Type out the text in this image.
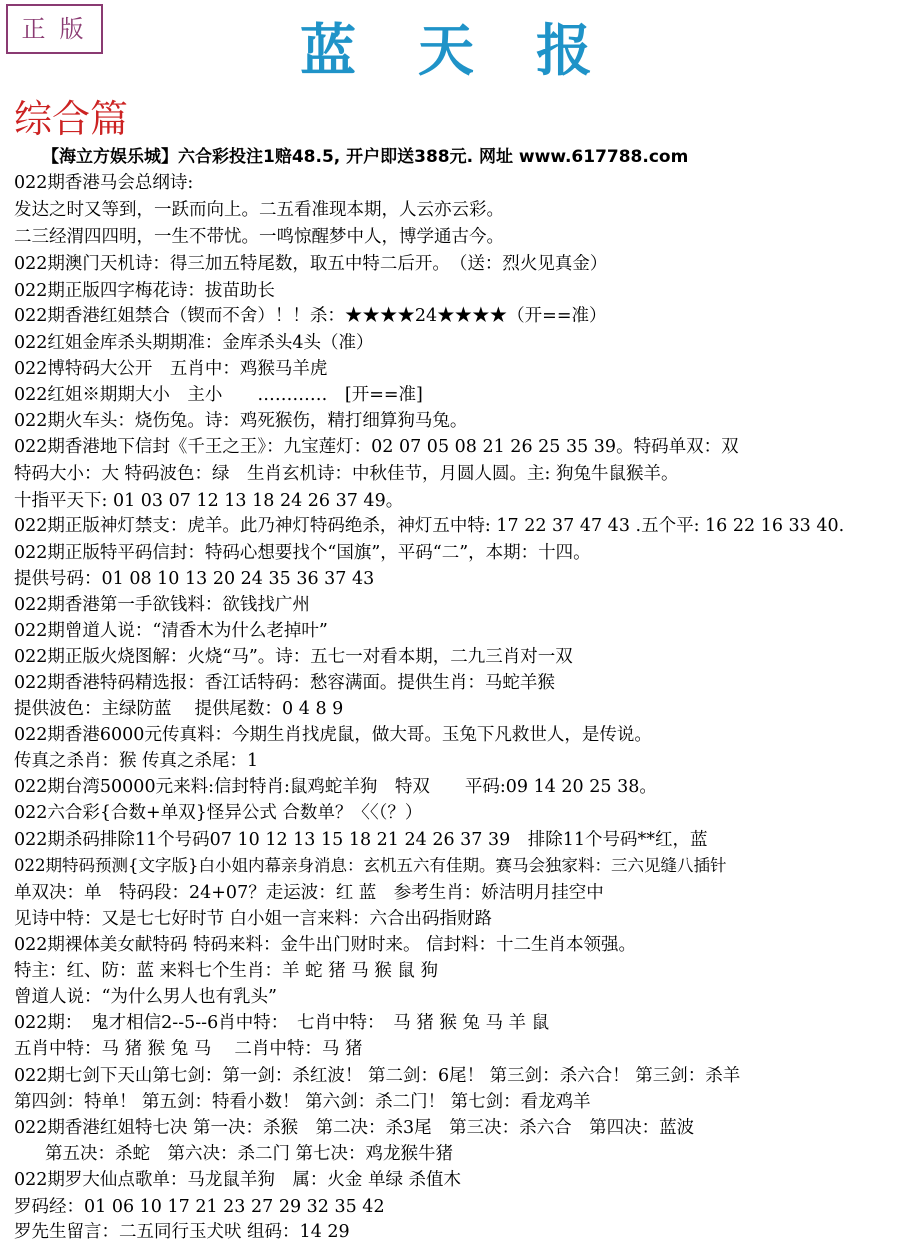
正版	蓝天报
综合篇
【海立方娱乐城】六合彩投注1赔48.5, 开户即送388元. 网址 www.617788.com
022期香港马会总纲诗:
发达之时又等到，一跃而向上。二五看准现本期，人云亦云彩。
二三经渭四四明，一生不带忧。一鸣惊醒梦中人，博学通古今。
022期澳门天机诗：得三加五特尾数，取五中特二后开。　（送：烈火见真金）
022期正版四字梅花诗：拔苗助长
022期香港红姐禁合（锲而不舍）！！杀：★★★★24★★★★（开==准）
022红姐金库杀头期期准：金库杀头4头（准）
022博特码大公开　五肖中：鸡猴马羊虎
022红姐※期期大小　主小　　…………　[开==准]
022期火车头：烧伤兔。诗：鸡死猴伤，精打细算狗马兔。
022期香港地下信封《千王之王》：九宝莲灯：02 07 05 08 21 26 25 35 39。特码单双：双
特码大小：大 特码波色：绿　生肖玄机诗：中秋佳节，月圆人圆。主: 狗兔牛鼠猴羊。
十指平天下: 01 03 07 12 13 18 24 26 37 49。
022期正版神灯禁支：虎羊。此乃神灯特码绝杀，神灯五中特: 17 22 37 47 43 .五个平: 16 22 16 33 40.
022期正版特平码信封：特码心想要找个“国旗”，平码“二”，本期：十四。
提供号码：01 08 10 13 20 24 35 36 37 43
022期香港第一手欲钱料：欲钱找广州
022期曾道人说：“清香木为什么老掉叶”
022期正版火烧图解：火烧“马”。诗：五七一对看本期，二九三肖对一双
022期香港特码精选报：香江话特码：愁容满面。提供生肖：马蛇羊猴
提供波色：主绿防蓝　 提供尾数：0 4 8 9
022期香港6000元传真料：今期生肖找虎鼠，做大哥。玉兔下凡救世人，是传说。
传真之杀肖：猴 传真之杀尾：1
022期台湾50000元来料:信封特肖:鼠鸡蛇羊狗　特双　　平码:09 14 20 25 38。
022六合彩{合数+单双}怪异公式 合数单？〈〈（？）
022期杀码排除11个号码07 10 12 13 15 18 21 24 26 37 39　排除11个号码**红，蓝
022期特码预测{文字版}白小姐内幕亲身消息：玄机五六有佳期。赛马会独家料：三六见缝八插针
单双决：单　特码段：24+07？走运波：红 蓝　参考生肖：娇洁明月挂空中
见诗中特：又是七七好时节 白小姐一言来料：六合出码指财路
022期裸体美女献特码 特码来料：金牛出门财时来。 信封料：十二生肖本领强。
特主：红、防：蓝 来料七个生肖：羊 蛇 猪 马 猴 鼠 狗
曾道人说：“为什么男人也有乳头”
022期：　鬼才相信2--5--6肖中特：　七肖中特：　马 猪 猴 兔 马 羊 鼠
五肖中特：马 猪 猴 兔 马　 二肖中特：马 猪
022期七剑下天山第七剑：第一剑：杀红波！ 第二剑：6尾！ 第三剑：杀六合！ 第三剑：杀羊
第四剑：特单！ 第五剑：特看小数！ 第六剑：杀二门！ 第七剑：看龙鸡羊
022期香港红姐特七决 第一决：杀猴　第二决：杀3尾　第三决：杀六合　第四决：蓝波
第五决：杀蛇　第六决：杀二门 第七决：鸡龙猴牛猪
022期罗大仙点歌单：马龙鼠羊狗　属：火金 单绿 杀值木
罗码经：01 06 10 17 21 23 27 29 32 35 42
罗先生留言：二五同行玉犬吠 组码：14 29
